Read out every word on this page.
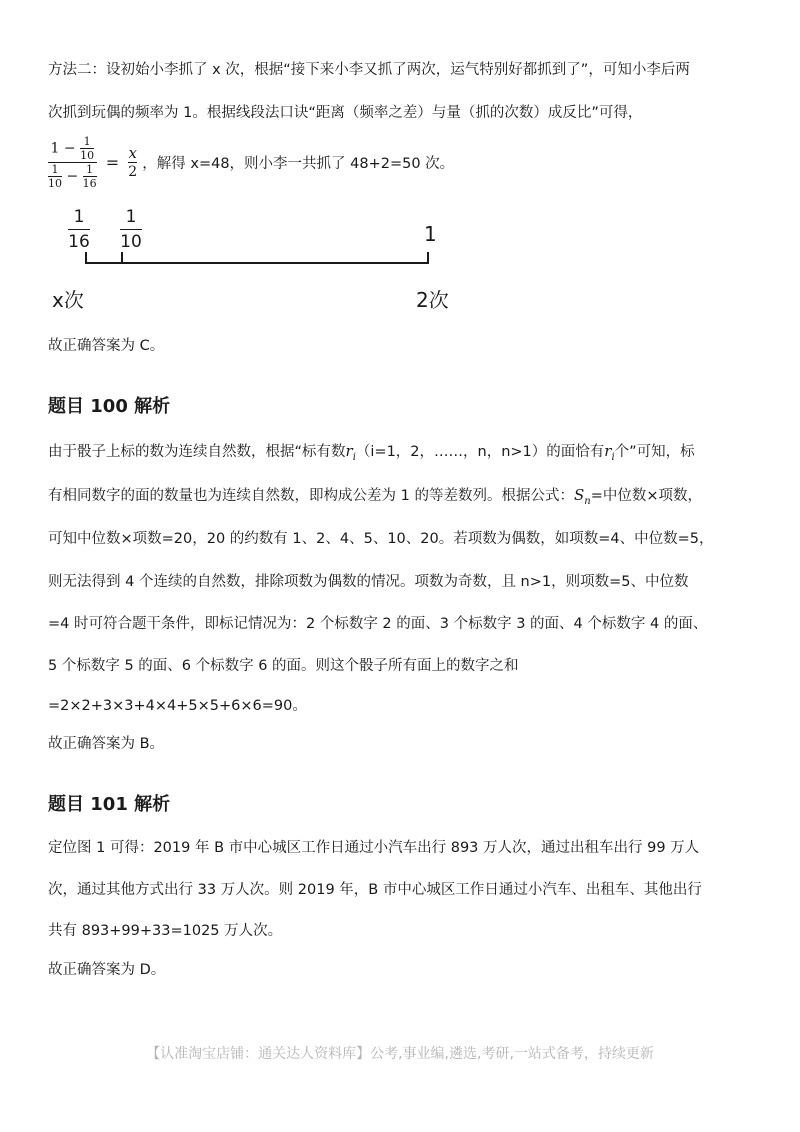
方法二：设初始小李抓了 x 次，根据“接下来小李又抓了两次，运气特别好都抓到了”，可知小李后两
次抓到玩偶的频率为 1。根据线段法口诀“距离（频率之差）与量（抓的次数）成反比”可得，
$1 - \frac{1}{10}$
$\frac{1}{10} - \frac{1}{16}$
= $\frac{x}{2}$ ，解得 x=48，则小李一共抓了 48+2=50 次。
1
16
1
10	1
x次	2次
故正确答案为 C。
题目 100 解析
由于骰子上标的数为连续自然数，根据“标有数$r_i(i=1$，2，……，n，n>1）的面恰有$r_i$个”可知，标
有相同数字的面的数量也为连续自然数，即构成公差为 1 的等差数列。根据公式：$S_n=$中位数×项数，
可知中位数×项数=20，20 的约数有 1、2、4、5、10、20。若项数为偶数，如项数=4、中位数=5，
则无法得到 4 个连续的自然数，排除项数为偶数的情况。项数为奇数，且 n>1，则项数=5、中位数
=4 时可符合题干条件，即标记情况为：2 个标数字 2 的面、3 个标数字 3 的面、4 个标数字 4 的面、
5 个标数字 5 的面、6 个标数字 6 的面。则这个骰子所有面上的数字之和
=2×2+3×3+4×4+5×5+6×6=90。
故正确答案为 B。
题目 101 解析
定位图 1 可得：2019 年 B 市中心城区工作日通过小汽车出行 893 万人次，通过出租车出行 99 万人
次，通过其他方式出行 33 万人次。则 2019 年，B 市中心城区工作日通过小汽车、出租车、其他出行
共有 893+99+33=1025 万人次。
故正确答案为 D。
【认准淘宝店铺：通关达人资料库】公考,事业编,遴选,考研,一站式备考，持续更新
